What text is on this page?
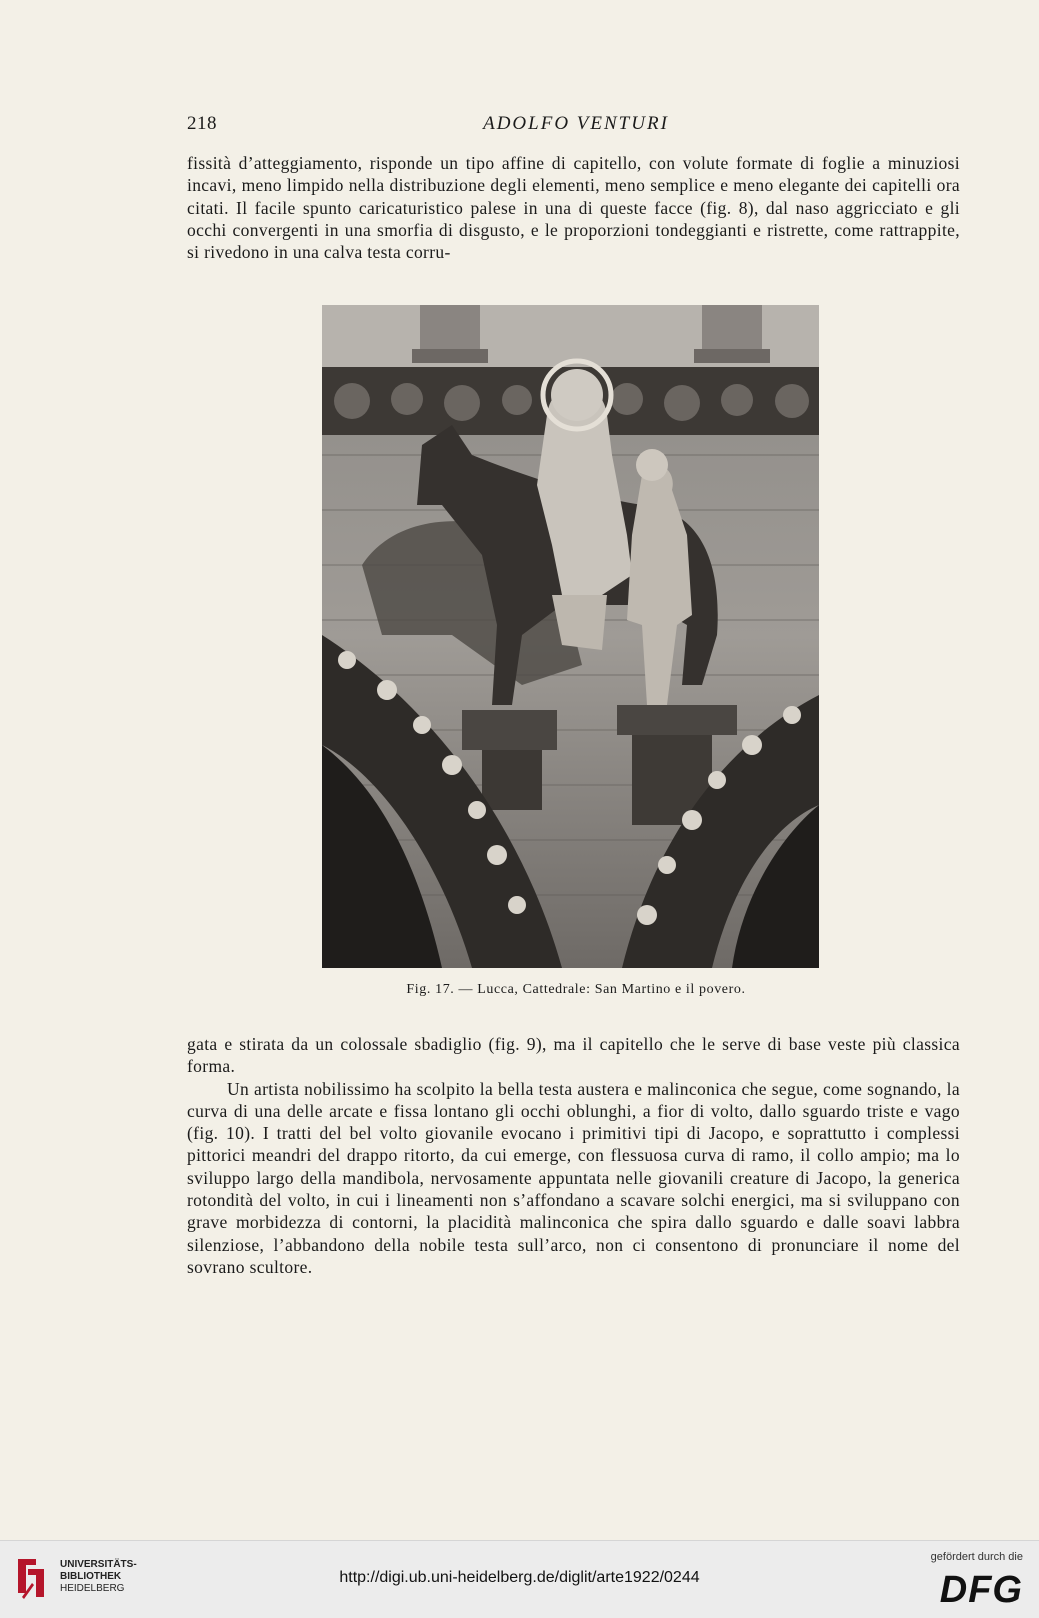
218	ADOLFO VENTURI

fissità d’atteggiamento, risponde un tipo affine di capitello, con volute formate di foglie a minuziosi incavi, meno limpido nella distribuzione degli elementi, meno semplice e meno elegante dei capitelli ora citati. Il facile spunto caricaturistico palese in una di queste facce (fig. 8), dal naso aggricciato e gli occhi convergenti in una smorfia di disgusto, e le proporzioni tondeggianti e ristrette, come rattrappite, si rivedono in una calva testa corru-

Fig. 17. — Lucca, Cattedrale: San Martino e il povero.

gata e stirata da un colossale sbadiglio (fig. 9), ma il capitello che le serve di base veste più classica forma.

Un artista nobilissimo ha scolpito la bella testa austera e malinconica che segue, come sognando, la curva di una delle arcate e fissa lontano gli occhi oblunghi, a fior di volto, dallo sguardo triste e vago (fig. 10). I tratti del bel volto giovanile evocano i primitivi tipi di Jacopo, e soprattutto i complessi pittorici meandri del drappo ritorto, da cui emerge, con flessuosa curva di ramo, il collo ampio; ma lo sviluppo largo della mandibola, nervosamente appuntata nelle giovanili creature di Jacopo, la generica rotondità del volto, in cui i lineamenti non s’affondano a scavare solchi energici, ma si sviluppano con grave morbidezza di contorni, la placidità malinconica che spira dallo sguardo e dalle soavi labbra silenziose, l’abbandono della nobile testa sull’arco, non ci consentono di pronunciare il nome del sovrano scultore.

UNIVERSITÄTS-
BIBLIOTHEK
HEIDELBERG
http://digi.ub.uni-heidelberg.de/diglit/arte1922/0244
gefördert durch die
DFG
